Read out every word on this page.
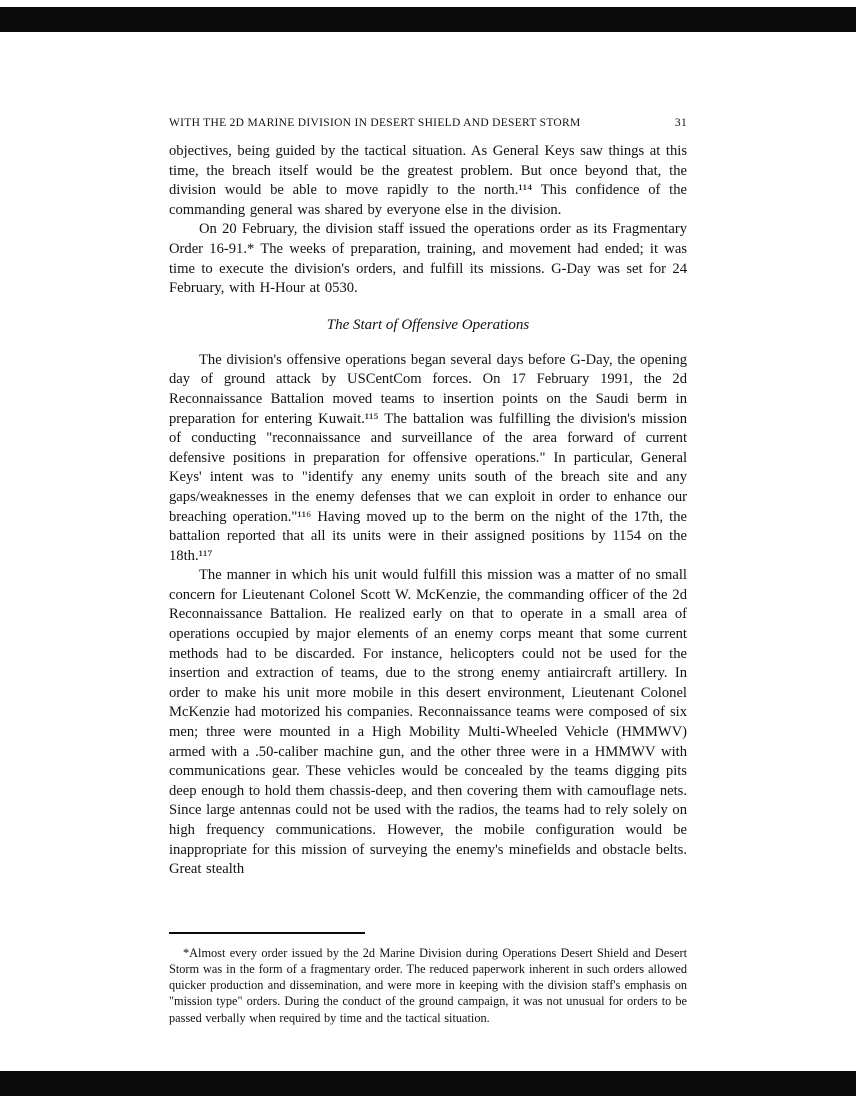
WITH THE 2D MARINE DIVISION IN DESERT SHIELD AND DESERT STORM	31

objectives, being guided by the tactical situation. As General Keys saw things at this time, the breach itself would be the greatest problem. But once beyond that, the division would be able to move rapidly to the north.¹¹⁴ This confidence of the commanding general was shared by everyone else in the division.

On 20 February, the division staff issued the operations order as its Fragmentary Order 16-91.* The weeks of preparation, training, and movement had ended; it was time to execute the division's orders, and fulfill its missions. G-Day was set for 24 February, with H-Hour at 0530.

The Start of Offensive Operations

The division's offensive operations began several days before G-Day, the opening day of ground attack by USCentCom forces. On 17 February 1991, the 2d Reconnaissance Battalion moved teams to insertion points on the Saudi berm in preparation for entering Kuwait.¹¹⁵ The battalion was fulfilling the division's mission of conducting "reconnaissance and surveillance of the area forward of current defensive positions in preparation for offensive operations." In particular, General Keys' intent was to "identify any enemy units south of the breach site and any gaps/weaknesses in the enemy defenses that we can exploit in order to enhance our breaching operation."¹¹⁶ Having moved up to the berm on the night of the 17th, the battalion reported that all its units were in their assigned positions by 1154 on the 18th.¹¹⁷

The manner in which his unit would fulfill this mission was a matter of no small concern for Lieutenant Colonel Scott W. McKenzie, the commanding officer of the 2d Reconnaissance Battalion. He realized early on that to operate in a small area of operations occupied by major elements of an enemy corps meant that some current methods had to be discarded. For instance, helicopters could not be used for the insertion and extraction of teams, due to the strong enemy antiaircraft artillery. In order to make his unit more mobile in this desert environment, Lieutenant Colonel McKenzie had motorized his companies. Reconnaissance teams were composed of six men; three were mounted in a High Mobility Multi-Wheeled Vehicle (HMMWV) armed with a .50-caliber machine gun, and the other three were in a HMMWV with communications gear. These vehicles would be concealed by the teams digging pits deep enough to hold them chassis-deep, and then covering them with camouflage nets. Since large antennas could not be used with the radios, the teams had to rely solely on high frequency communications. However, the mobile configuration would be inappropriate for this mission of surveying the enemy's minefields and obstacle belts. Great stealth

*Almost every order issued by the 2d Marine Division during Operations Desert Shield and Desert Storm was in the form of a fragmentary order. The reduced paperwork inherent in such orders allowed quicker production and dissemination, and were more in keeping with the division staff's emphasis on "mission type" orders. During the conduct of the ground campaign, it was not unusual for orders to be passed verbally when required by time and the tactical situation.
